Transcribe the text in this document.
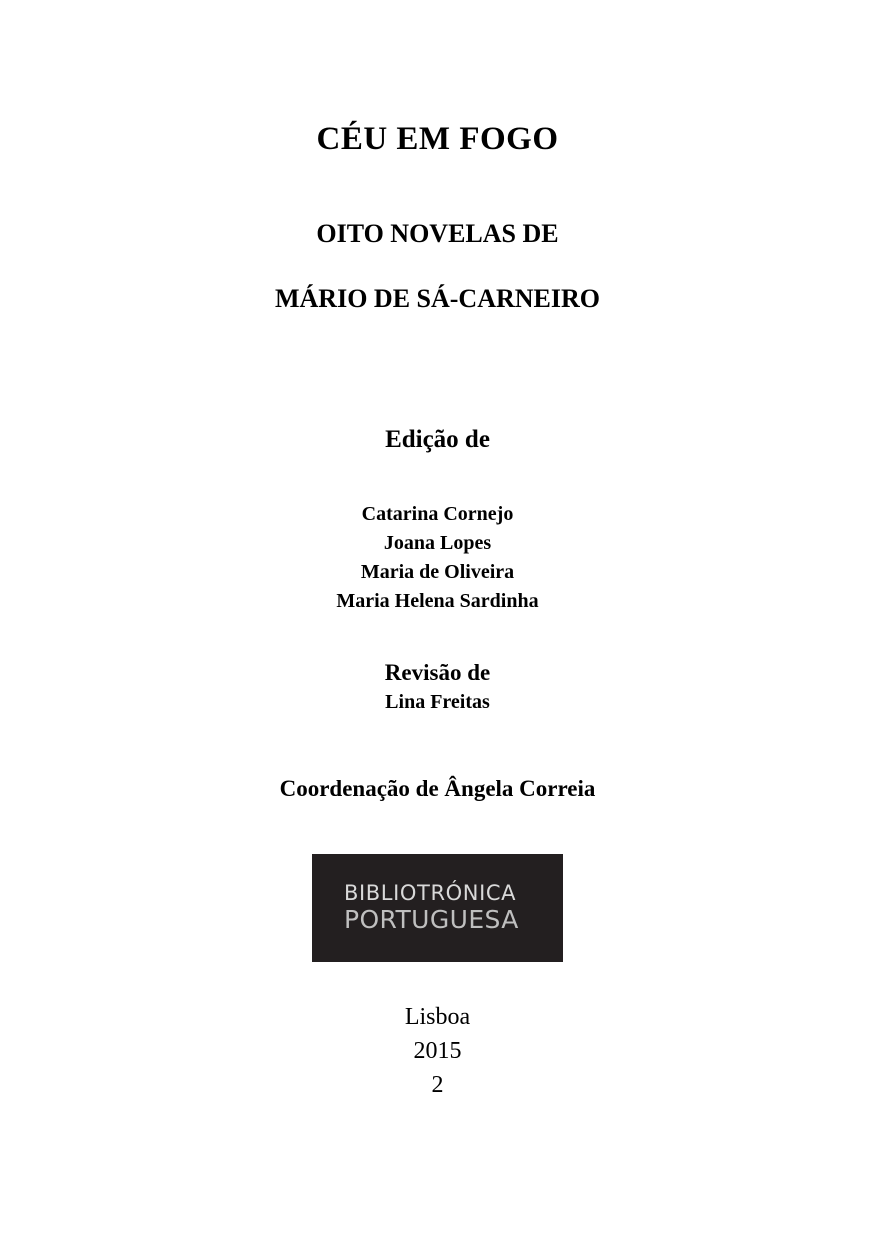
CÉU EM FOGO
OITO NOVELAS DE
MÁRIO DE SÁ-CARNEIRO
Edição de
Catarina Cornejo
Joana Lopes
Maria de Oliveira
Maria Helena Sardinha
Revisão de
Lina Freitas
Coordenação de Ângela Correia
BIBLIOTRÓNICA
PORTUGUESA
Lisboa
2015
2
